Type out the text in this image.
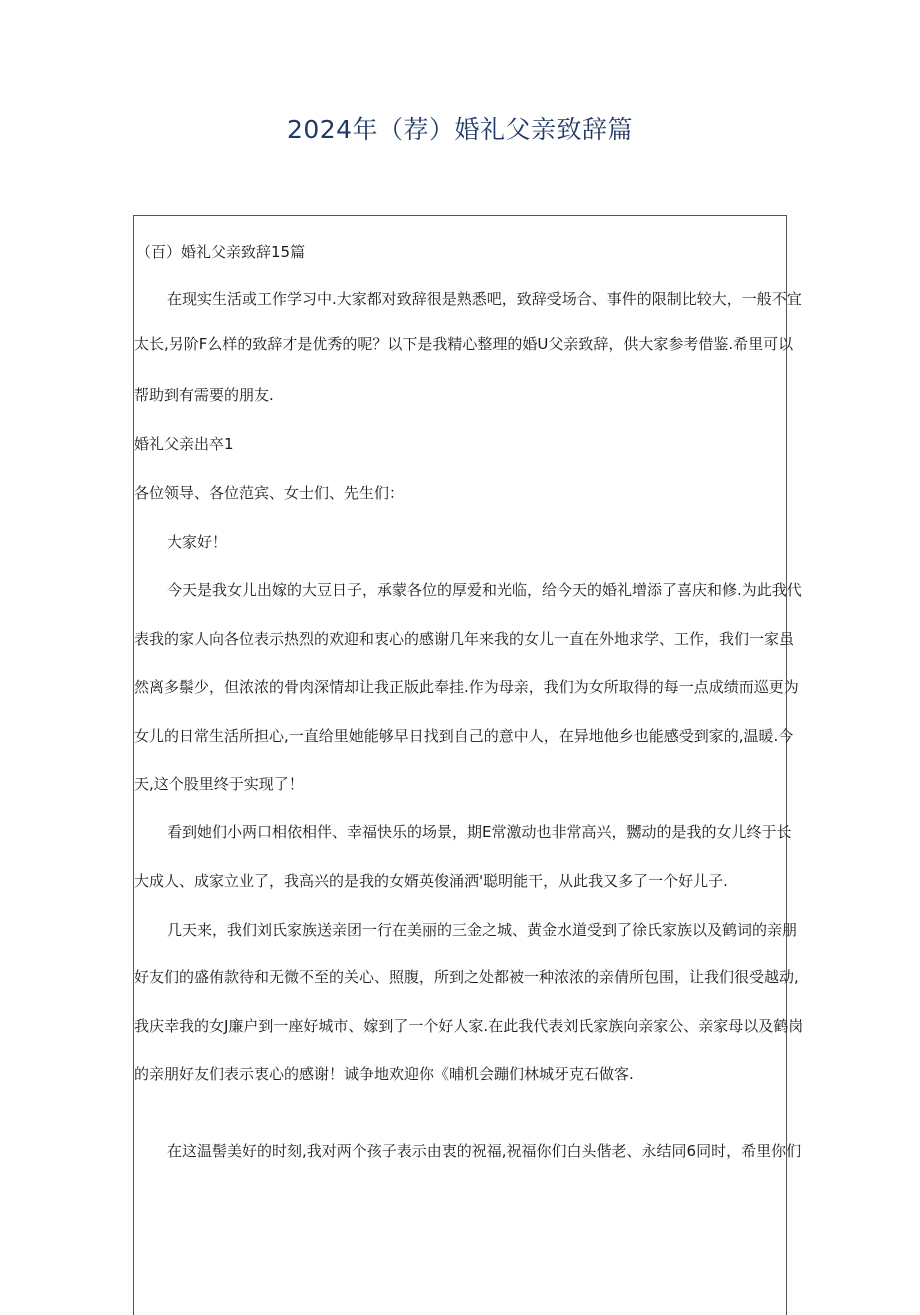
2024年（荐）婚礼父亲致辞篇
（百）婚礼父亲致辞15篇
在现实生活或工作学习中.大家都对致辞很是熟悉吧，致辞受场合、事件的限制比较大，一般不宜
太长,另阶F么样的致辞才是优秀的呢？以下是我精心整理的婚U父亲致辞，供大家参考借鉴.希里可以
帮助到有需要的朋友.
婚礼父亲出卒1
各位领导、各位范宾、女士们、先生们：
大家好！
今天是我女儿出嫁的大豆日子，承蒙各位的厚爱和光临，给今天的婚礼增添了喜庆和修.为此我代
表我的家人向各位表示热烈的欢迎和衷心的感谢几年来我的女儿一直在外地求学、工作，我们一家虽
然离多鬃少，但浓浓的骨肉深情却让我正版此奉挂.作为母亲，我们为女所取得的每一点成绩而巡更为
女儿的日常生活所担心,一直给里她能够早日找到自己的意中人，在异地他乡也能感受到家的,温暖.今
天,这个股里终于实现了！
看到她们小两口相依相伴、幸福快乐的场景，期E常激动也非常高兴，嬲动的是我的女儿终于长
大成人、成家立业了，我高兴的是我的女婿英俊涌洒'聪明能干，从此我又多了一个好儿子.
几天来，我们刘氏家族送亲团一行在美丽的三金之城、黄金水道受到了徐氏家族以及鹤词的亲朋
好友们的盛侑款待和无微不至的关心、照腹，所到之处都被一种浓浓的亲倩所包围，让我们很受越动,
我庆幸我的女J廉户到一座好城市、嫁到了一个好人家.在此我代表刘氏家族向亲家公、亲家母以及鹤岗
的亲朋好友们表示衷心的感谢！诚争地欢迎你《晡机会蹦们林城牙克石做客.
在这温髻美好的时刻,我对两个孩子表示由衷的祝福,祝福你们白头偕老、永结同6同时，希里你们
